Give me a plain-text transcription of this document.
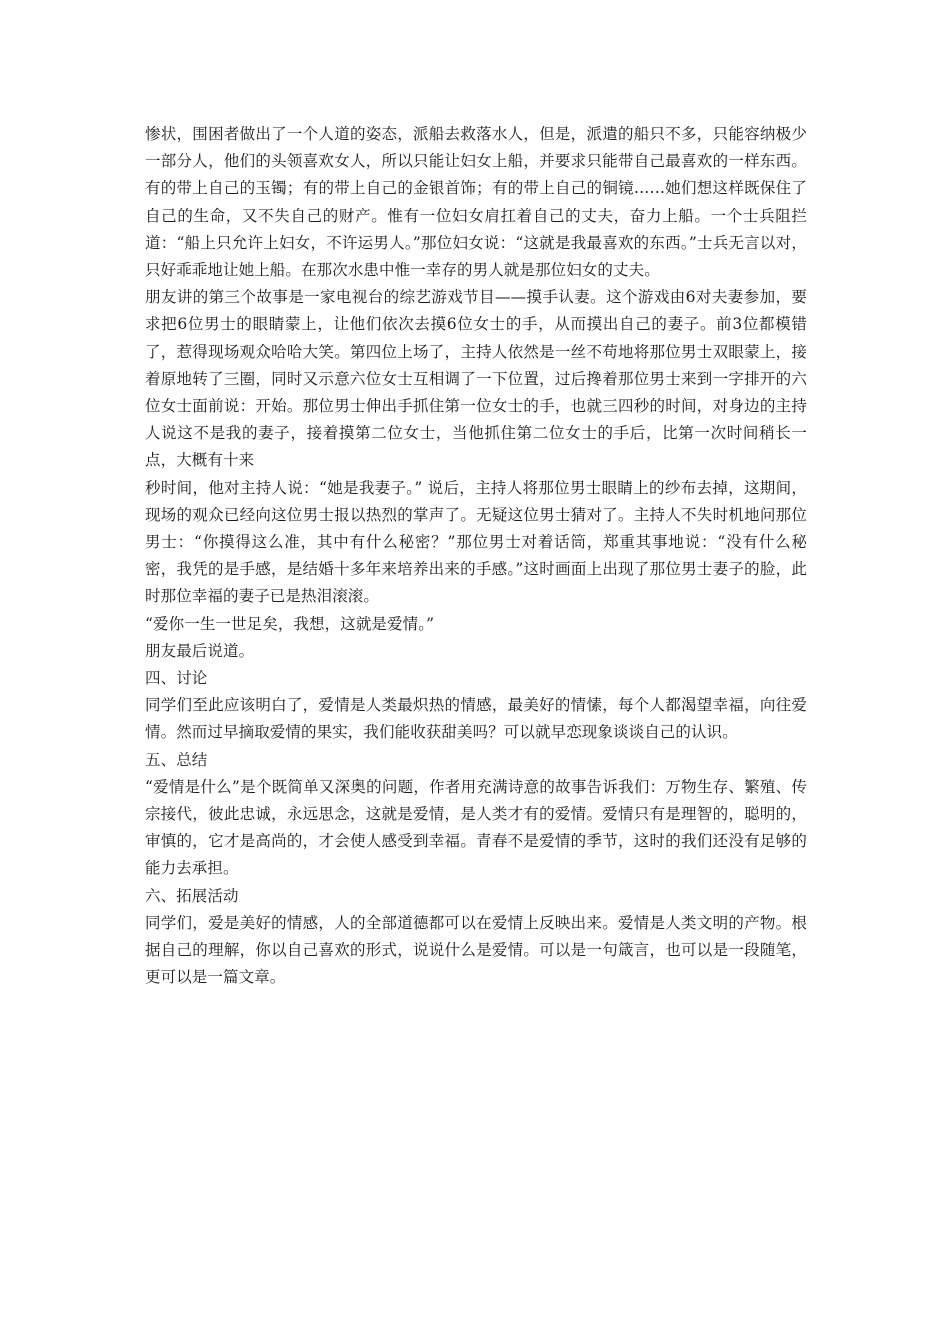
惨状，围困者做出了一个人道的姿态，派船去救落水人，但是，派遣的船只不多，只能容纳极少一部分人，他们的头领喜欢女人，所以只能让妇女上船，并要求只能带自己最喜欢的一样东西。有的带上自己的玉镯；有的带上自己的金银首饰；有的带上自己的铜镜……她们想这样既保住了自己的生命，又不失自己的财产。惟有一位妇女肩扛着自己的丈夫，奋力上船。一个士兵阻拦道：“船上只允许上妇女，不许运男人。”那位妇女说：“这就是我最喜欢的东西。”士兵无言以对，只好乖乖地让她上船。在那次水患中惟一幸存的男人就是那位妇女的丈夫。

朋友讲的第三个故事是一家电视台的综艺游戏节目——摸手认妻。这个游戏由6对夫妻参加，要求把6位男士的眼睛蒙上，让他们依次去摸6位女士的手，从而摸出自己的妻子。前3位都模错了，惹得现场观众哈哈大笑。第四位上场了，主持人依然是一丝不苟地将那位男士双眼蒙上，接着原地转了三圈，同时又示意六位女士互相调了一下位置，过后搀着那位男士来到一字排开的六位女士面前说：开始。那位男士伸出手抓住第一位女士的手，也就三四秒的时间，对身边的主持人说这不是我的妻子，接着摸第二位女士，当他抓住第二位女士的手后，比第一次时间稍长一点，大概有十来

秒时间，他对主持人说：“她是我妻子。” 说后，主持人将那位男士眼睛上的纱布去掉，这期间，现场的观众已经向这位男士报以热烈的掌声了。无疑这位男士猜对了。主持人不失时机地问那位男士：“你摸得这么准，其中有什么秘密？”那位男士对着话筒，郑重其事地说：“没有什么秘密，我凭的是手感，是结婚十多年来培养出来的手感。”这时画面上出现了那位男士妻子的脸，此时那位幸福的妻子已是热泪滚滚。

“爱你一生一世足矣，我想，这就是爱情。”

朋友最后说道。

四、讨论

同学们至此应该明白了，爱情是人类最炽热的情感，最美好的情愫，每个人都渴望幸福，向往爱情。然而过早摘取爱情的果实，我们能收获甜美吗？可以就早恋现象谈谈自己的认识。

五、总结

“爱情是什么”是个既简单又深奥的问题，作者用充满诗意的故事告诉我们：万物生存、繁殖、传宗接代，彼此忠诚，永远思念，这就是爱情，是人类才有的爱情。爱情只有是理智的，聪明的，审慎的，它才是高尚的，才会使人感受到幸福。青春不是爱情的季节，这时的我们还没有足够的能力去承担。

六、拓展活动

同学们，爱是美好的情感，人的全部道德都可以在爱情上反映出来。爱情是人类文明的产物。根据自己的理解，你以自己喜欢的形式，说说什么是爱情。可以是一句箴言，也可以是一段随笔，更可以是一篇文章。
